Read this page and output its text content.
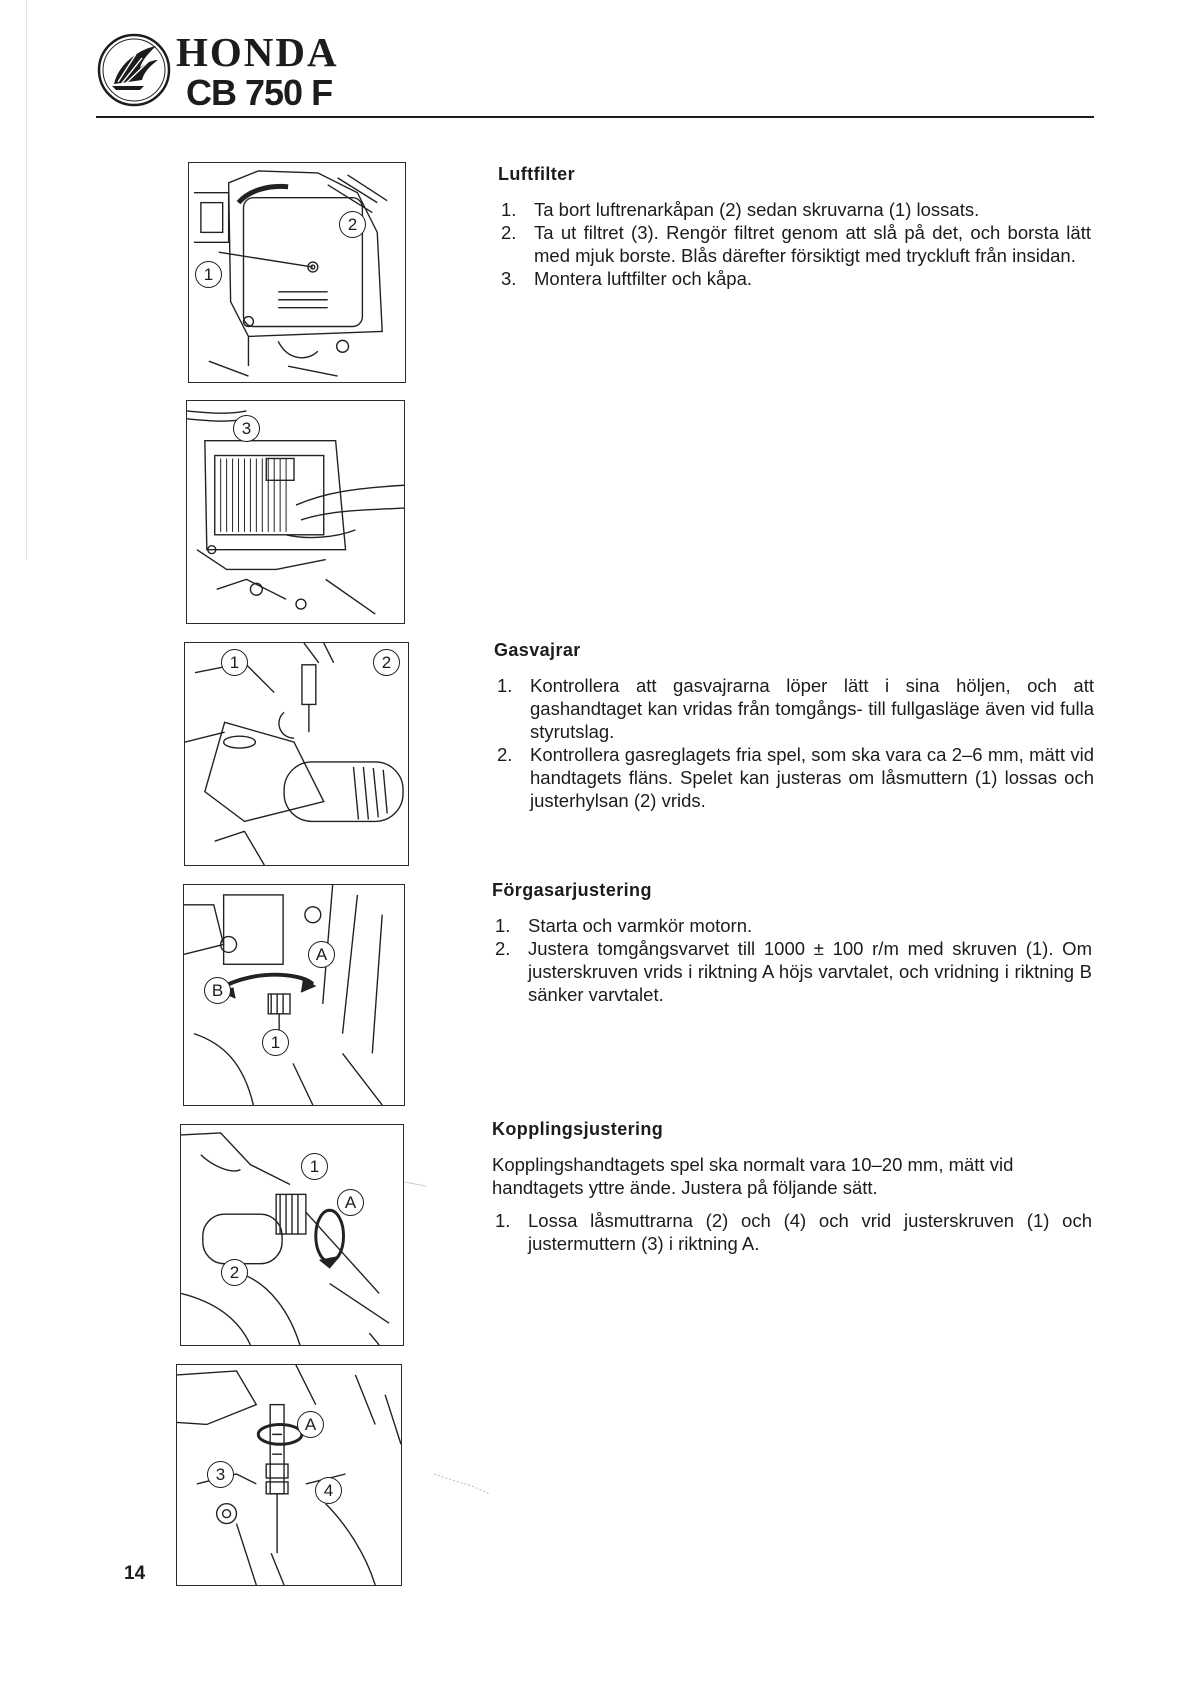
HONDA

CB 750 F

2
1
3
1	2
A
B
1
1
A
2
A
3
4
Luftfilter
1. Ta bort luftrenarkåpan (2) sedan skruvarna (1) lossats.
2. Ta ut filtret (3). Rengör filtret genom att slå på det, och borsta lätt med mjuk borste. Blås därefter försiktigt med tryckluft från insidan.
3. Montera luftfilter och kåpa.
Gasvajrar
1. Kontrollera att gasvajrarna löper lätt i sina höljen, och att gashandtaget kan vridas från tomgångs- till fullgasläge även vid fulla styrutslag.
2. Kontrollera gasreglagets fria spel, som ska vara ca 2–6 mm, mätt vid handtagets fläns. Spelet kan justeras om låsmuttern (1) lossas och justerhylsan (2) vrids.
Förgasarjustering
1. Starta och varmkör motorn.
2. Justera tomgångsvarvet till 1000 ± 100 r/m med skruven (1). Om justerskruven vrids i riktning A höjs varvtalet, och vridning i riktning B sänker varvtalet.
Kopplingsjustering

Kopplingshandtagets spel ska normalt vara 10–20 mm, mätt vid handtagets yttre ände. Justera på följande sätt.

1. Lossa låsmuttrarna (2) och (4) och vrid justerskruven (1) och justermuttern (3) i riktning A.

14
